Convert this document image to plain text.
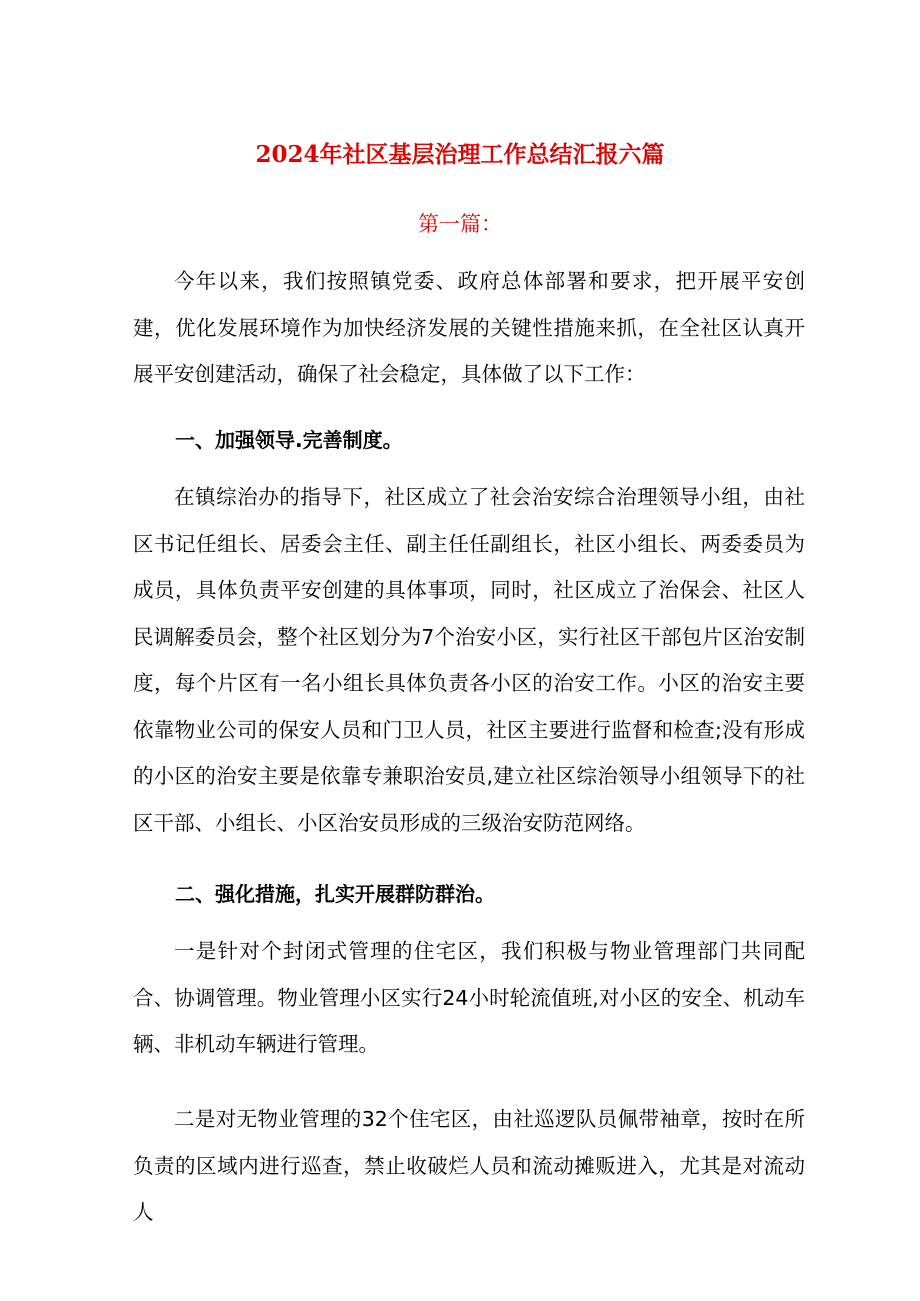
2024年社区基层治理工作总结汇报六篇
第一篇：

今年以来，我们按照镇党委、政府总体部署和要求，把开展平安创建，优化发展环境作为加快经济发展的关键性措施来抓，在全社区认真开展平安创建活动，确保了社会稳定，具体做了以下工作：

一、加强领导.完善制度。

在镇综治办的指导下，社区成立了社会治安综合治理领导小组，由社区书记任组长、居委会主任、副主任任副组长，社区小组长、两委委员为成员，具体负责平安创建的具体事项，同时，社区成立了治保会、社区人民调解委员会，整个社区划分为7个治安小区，实行社区干部包片区治安制度，每个片区有一名小组长具体负责各小区的治安工作。小区的治安主要依靠物业公司的保安人员和门卫人员，社区主要进行监督和检查;没有形成的小区的治安主要是依靠专兼职治安员,建立社区综治领导小组领导下的社区干部、小组长、小区治安员形成的三级治安防范网络。

二、强化措施，扎实开展群防群治。

一是针对个封闭式管理的住宅区，我们积极与物业管理部门共同配合、协调管理。物业管理小区实行24小时轮流值班,对小区的安全、机动车辆、非机动车辆进行管理。

二是对无物业管理的32个住宅区，由社巡逻队员佩带袖章，按时在所负责的区域内进行巡查，禁止收破烂人员和流动摊贩进入，尤其是对流动人
